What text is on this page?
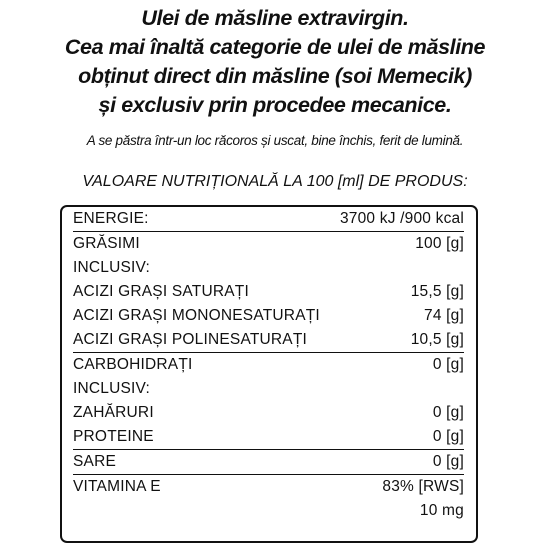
Ulei de măsline extravirgin.
Cea mai înaltă categorie de ulei de măsline
obținut direct din măsline (soi Memecik)
și exclusiv prin procedee mecanice.
A se păstra într-un loc răcoros și uscat, bine închis, ferit de lumină.
VALOARE NUTRIȚIONALĂ LA 100 [ml] DE PRODUS:
ENERGIE:	3700 kJ /900 kcal
GRĂSIMI	100 [g]
INCLUSIV:
ACIZI GRAȘI SATURAȚI	15,5 [g]
ACIZI GRAȘI MONONESATURAȚI	74 [g]
ACIZI GRAȘI POLINESATURAȚI	10,5 [g]
CARBOHIDRAȚI	0 [g]
INCLUSIV:
ZAHĂRURI	0 [g]
PROTEINE	0 [g]
SARE	0 [g]
VITAMINA E	83% [RWS]
10 mg
